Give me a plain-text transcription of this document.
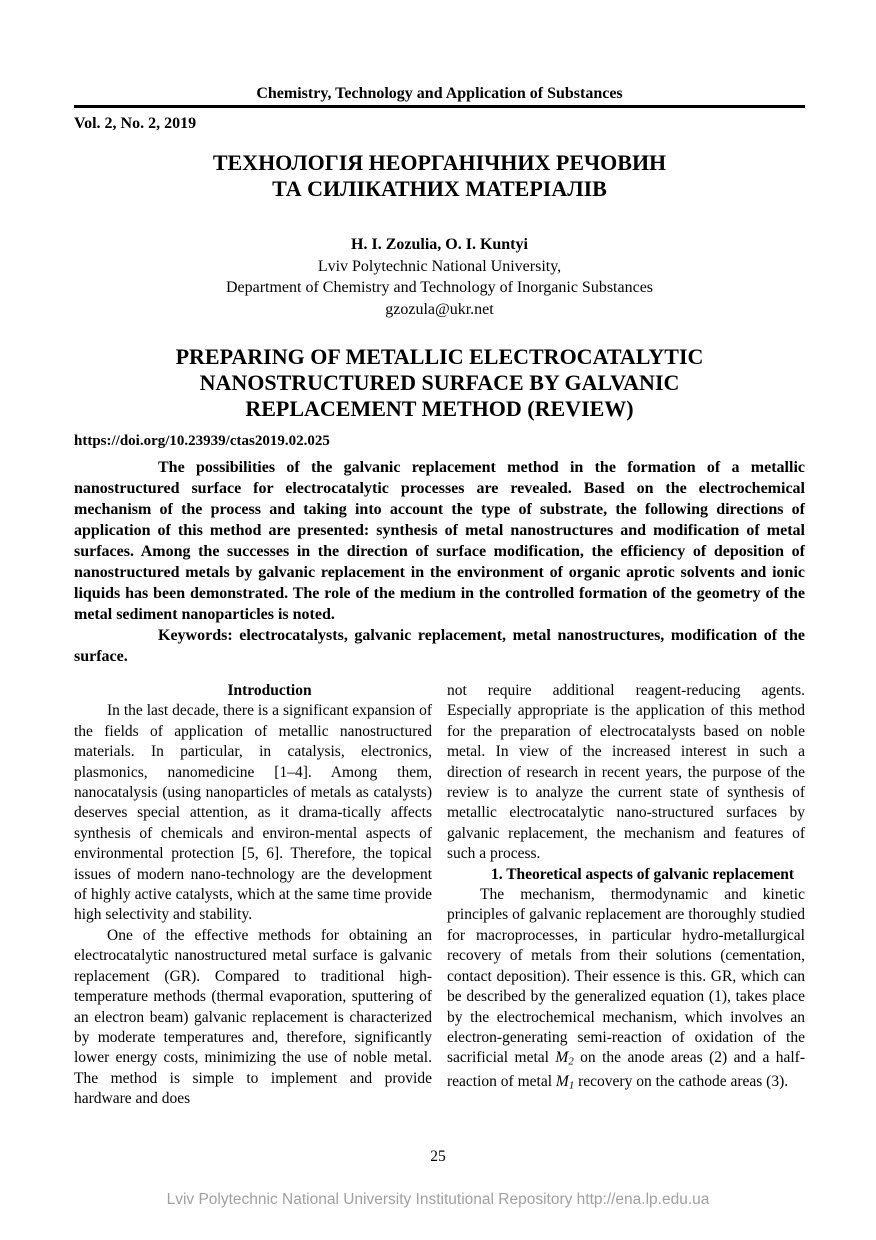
Chemistry, Technology and Application of Substances
Vol. 2, No. 2, 2019
ТЕХНОЛОГІЯ НЕОРГАНІЧНИХ РЕЧОВИН
ТА СИЛІКАТНИХ МАТЕРІАЛІВ
H. I. Zozulia, O. I. Kuntyi
Lviv Polytechnic National University,
Department of Chemistry and Technology of Inorganic Substances
gzozula@ukr.net
PREPARING OF METALLIC ELECTROCATALYTIC
NANOSTRUCTURED SURFACE BY GALVANIC
REPLACEMENT METHOD (REVIEW)
https://doi.org/10.23939/ctas2019.02.025

The possibilities of the galvanic replacement method in the formation of a metallic nanostructured surface for electrocatalytic processes are revealed. Based on the electrochemical mechanism of the process and taking into account the type of substrate, the following directions of application of this method are presented: synthesis of metal nanostructures and modification of metal surfaces. Among the successes in the direction of surface modification, the efficiency of deposition of nanostructured metals by galvanic replacement in the environment of organic aprotic solvents and ionic liquids has been demonstrated. The role of the medium in the controlled formation of the geometry of the metal sediment nanoparticles is noted.

Keywords: electrocatalysts, galvanic replacement, metal nanostructures, modification of the surface.

Introduction

In the last decade, there is a significant expansion of the fields of application of metallic nanostructured materials. In particular, in catalysis, electronics, plasmonics, nanomedicine [1–4]. Among them, nanocatalysis (using nanoparticles of metals as catalysts) deserves special attention, as it drama-tically affects synthesis of chemicals and environ-mental aspects of environmental protection [5, 6]. Therefore, the topical issues of modern nano-technology are the development of highly active catalysts, which at the same time provide high selectivity and stability.

One of the effective methods for obtaining an electrocatalytic nanostructured metal surface is galvanic replacement (GR). Compared to traditional high-temperature methods (thermal evaporation, sputtering of an electron beam) galvanic replacement is characterized by moderate temperatures and, therefore, significantly lower energy costs, minimizing the use of noble metal. The method is simple to implement and provide hardware and does

not require additional reagent-reducing agents. Especially appropriate is the application of this method for the preparation of electrocatalysts based on noble metal. In view of the increased interest in such a direction of research in recent years, the purpose of the review is to analyze the current state of synthesis of metallic electrocatalytic nano-structured surfaces by galvanic replacement, the mechanism and features of such a process.

1. Theoretical aspects of galvanic replacement

The mechanism, thermodynamic and kinetic principles of galvanic replacement are thoroughly studied for macroprocesses, in particular hydro-metallurgical recovery of metals from their solutions (cementation, contact deposition). Their essence is this. GR, which can be described by the generalized equation (1), takes place by the electrochemical mechanism, which involves an electron-generating semi-reaction of oxidation of the sacrificial metal $M_2$ on the anode areas (2) and a half-reaction of metal $M_1$ recovery on the cathode areas (3).

25
Lviv Polytechnic National University Institutional Repository http://ena.lp.edu.ua
